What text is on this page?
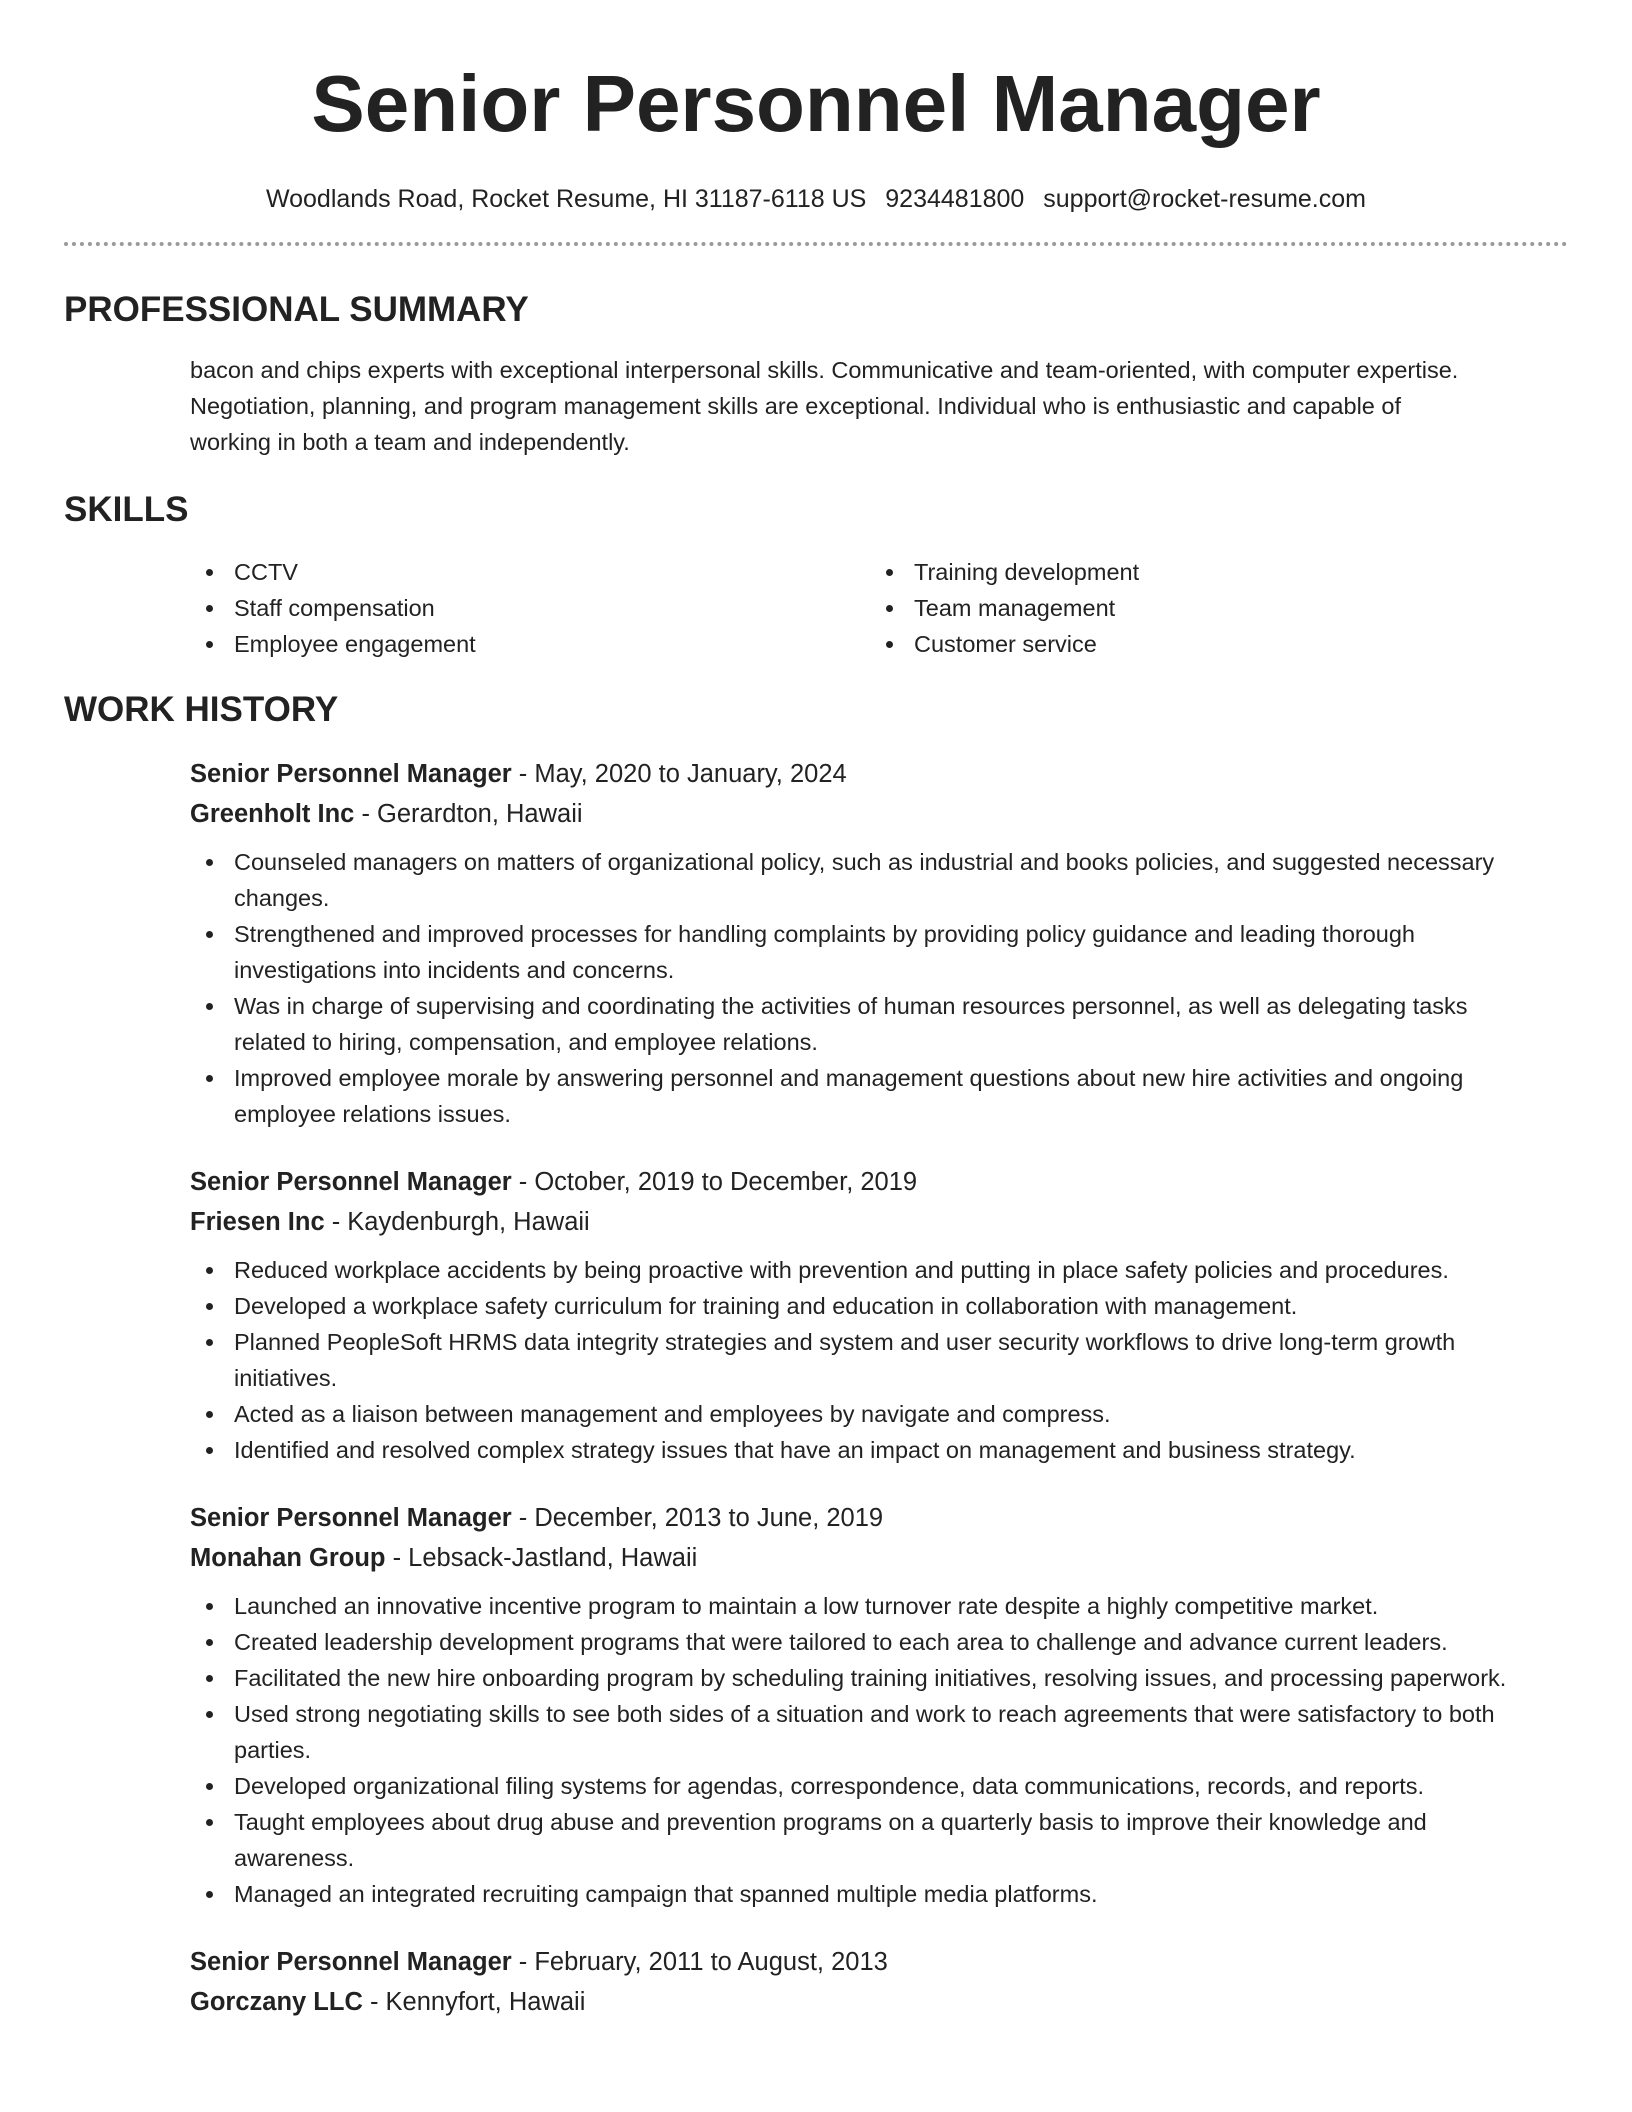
Senior Personnel Manager
Woodlands Road, Rocket Resume, HI 31187-6118 US 9234481800 support@rocket-resume.com
PROFESSIONAL SUMMARY
bacon and chips experts with exceptional interpersonal skills. Communicative and team-oriented, with computer expertise.
Negotiation, planning, and program management skills are exceptional. Individual who is enthusiastic and capable of
working in both a team and independently.
SKILLS
CCTV
Staff compensation
Employee engagement
Training development
Team management
Customer service
WORK HISTORY
Senior Personnel Manager - May, 2020 to January, 2024
Greenholt Inc - Gerardton, Hawaii
Counseled managers on matters of organizational policy, such as industrial and books policies, and suggested necessary changes.
Strengthened and improved processes for handling complaints by providing policy guidance and leading thorough investigations into incidents and concerns.
Was in charge of supervising and coordinating the activities of human resources personnel, as well as delegating tasks related to hiring, compensation, and employee relations.
Improved employee morale by answering personnel and management questions about new hire activities and ongoing employee relations issues.
Senior Personnel Manager - October, 2019 to December, 2019
Friesen Inc - Kaydenburgh, Hawaii
Reduced workplace accidents by being proactive with prevention and putting in place safety policies and procedures.
Developed a workplace safety curriculum for training and education in collaboration with management.
Planned PeopleSoft HRMS data integrity strategies and system and user security workflows to drive long-term growth initiatives.
Acted as a liaison between management and employees by navigate and compress.
Identified and resolved complex strategy issues that have an impact on management and business strategy.
Senior Personnel Manager - December, 2013 to June, 2019
Monahan Group - Lebsack-Jastland, Hawaii
Launched an innovative incentive program to maintain a low turnover rate despite a highly competitive market.
Created leadership development programs that were tailored to each area to challenge and advance current leaders.
Facilitated the new hire onboarding program by scheduling training initiatives, resolving issues, and processing paperwork.
Used strong negotiating skills to see both sides of a situation and work to reach agreements that were satisfactory to both parties.
Developed organizational filing systems for agendas, correspondence, data communications, records, and reports.
Taught employees about drug abuse and prevention programs on a quarterly basis to improve their knowledge and awareness.
Managed an integrated recruiting campaign that spanned multiple media platforms.
Senior Personnel Manager - February, 2011 to August, 2013
Gorczany LLC - Kennyfort, Hawaii
